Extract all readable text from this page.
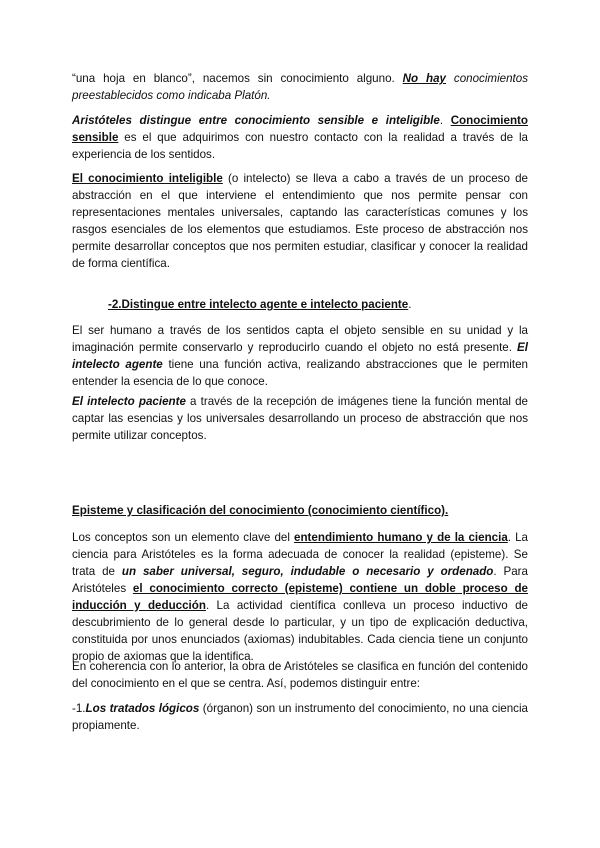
“una hoja en blanco”, nacemos sin conocimiento alguno. No hay conocimientos preestablecidos como indicaba Platón.

Aristóteles distingue entre conocimiento sensible e inteligible. Conocimiento sensible es el que adquirimos con nuestro contacto con la realidad a través de la experiencia de los sentidos.

El conocimiento inteligible (o intelecto) se lleva a cabo a través de un proceso de abstracción en el que interviene el entendimiento que nos permite pensar con representaciones mentales universales, captando las características comunes y los rasgos esenciales de los elementos que estudiamos. Este proceso de abstracción nos permite desarrollar conceptos que nos permiten estudiar, clasificar y conocer la realidad de forma científica.

-2.Distingue entre intelecto agente e intelecto paciente.

El ser humano a través de los sentidos capta el objeto sensible en su unidad y la imaginación permite conservarlo y reproducirlo cuando el objeto no está presente. El intelecto agente tiene una función activa, realizando abstracciones que le permiten entender la esencia de lo que conoce.

El intelecto paciente a través de la recepción de imágenes tiene la función mental de captar las esencias y los universales desarrollando un proceso de abstracción que nos permite utilizar conceptos.

Episteme y clasificación del conocimiento (conocimiento científico).

Los conceptos son un elemento clave del entendimiento humano y de la ciencia. La ciencia para Aristóteles es la forma adecuada de conocer la realidad (episteme). Se trata de un saber universal, seguro, indudable o necesario y ordenado. Para Aristóteles el conocimiento correcto (episteme) contiene un doble proceso de inducción y deducción. La actividad científica conlleva un proceso inductivo de descubrimiento de lo general desde lo particular, y un tipo de explicación deductiva, constituida por unos enunciados (axiomas) indubitables. Cada ciencia tiene un conjunto propio de axiomas que la identifica.

En coherencia con lo anterior, la obra de Aristóteles se clasifica en función del contenido del conocimiento en el que se centra. Así, podemos distinguir entre:

-1.Los tratados lógicos (órganon) son un instrumento del conocimiento, no una ciencia propiamente.
